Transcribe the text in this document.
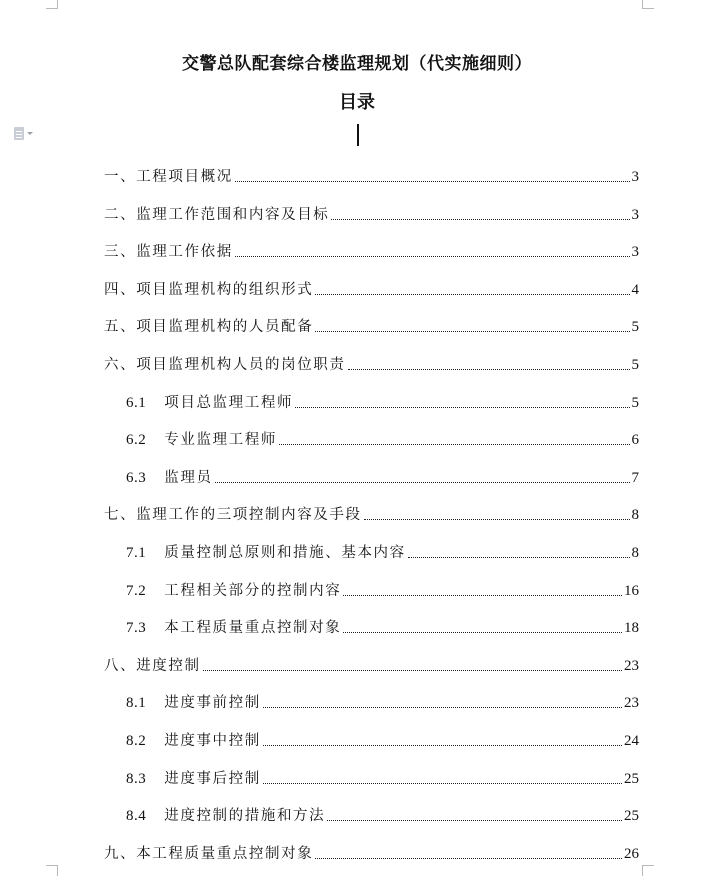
交警总队配套综合楼监理规划（代实施细则）
目录
一、工程项目概况	3
二、监理工作范围和内容及目标	3
三、监理工作依据	3
四、项目监理机构的组织形式	4
五、项目监理机构的人员配备	5
六、项目监理机构人员的岗位职责	5
6.1 项目总监理工程师	5
6.2 专业监理工程师	6
6.3 监理员	7
七、监理工作的三项控制内容及手段	8
7.1 质量控制总原则和措施、基本内容	8
7.2 工程相关部分的控制内容	16
7.3 本工程质量重点控制对象	18
八、进度控制	23
8.1 进度事前控制	23
8.2 进度事中控制	24
8.3 进度事后控制	25
8.4 进度控制的措施和方法	25
九、本工程质量重点控制对象	26
